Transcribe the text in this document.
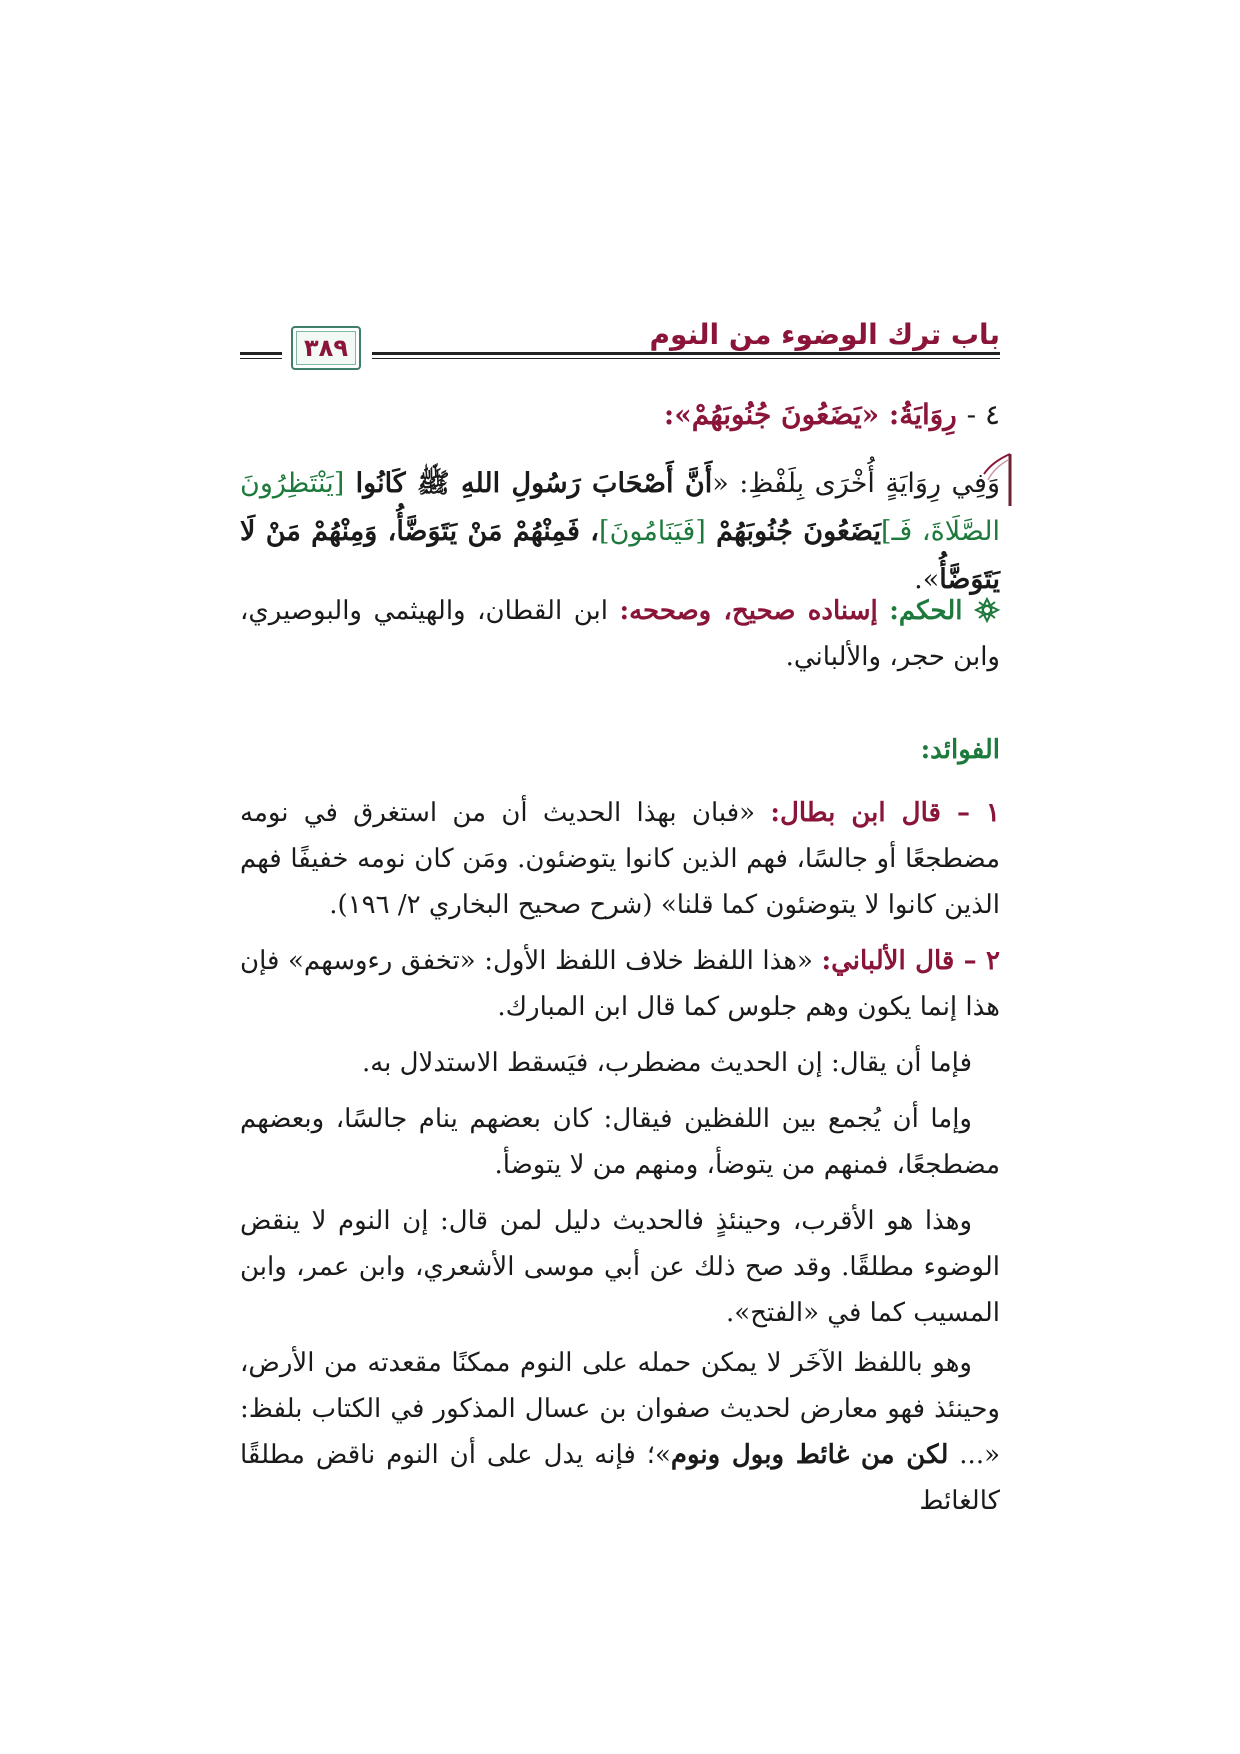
باب ترك الوضوء من النوم
٣٨٩
٤ - رِوَايَةُ: «يَضَعُونَ جُنُوبَهُمْ»:
وَفِي رِوَايَةٍ أُخْرَى بِلَفْظِ: «أَنَّ أَصْحَابَ رَسُولِ اللهِ ﷺ كَانُوا [يَنْتَظِرُونَ الصَّلَاةَ، فَـ]يَضَعُونَ جُنُوبَهُمْ [فَيَنَامُونَ]، فَمِنْهُمْ مَنْ يَتَوَضَّأُ، وَمِنْهُمْ مَنْ لَا يَتَوَضَّأُ».
الحكم: إسناده صحيح، وصححه: ابن القطان، والهيثمي والبوصيري، وابن حجر، والألباني.
الفوائد:
١ – قال ابن بطال: «فبان بهذا الحديث أن من استغرق في نومه مضطجعًا أو جالسًا، فهم الذين كانوا يتوضئون. ومَن كان نومه خفيفًا فهم الذين كانوا لا يتوضئون كما قلنا» (شرح صحيح البخاري ٢/ ١٩٦).
٢ – قال الألباني: «هذا اللفظ خلاف اللفظ الأول: «تخفق رءوسهم» فإن هذا إنما يكون وهم جلوس كما قال ابن المبارك.
فإما أن يقال: إن الحديث مضطرب، فيَسقط الاستدلال به.
وإما أن يُجمع بين اللفظين فيقال: كان بعضهم ينام جالسًا، وبعضهم مضطجعًا، فمنهم من يتوضأ، ومنهم من لا يتوضأ.
وهذا هو الأقرب، وحينئذٍ فالحديث دليل لمن قال: إن النوم لا ينقض الوضوء مطلقًا. وقد صح ذلك عن أبي موسى الأشعري، وابن عمر، وابن المسيب كما في «الفتح».
وهو باللفظ الآخَر لا يمكن حمله على النوم ممكنًا مقعدته من الأرض، وحينئذ فهو معارض لحديث صفوان بن عسال المذكور في الكتاب بلفظ: «... لكن من غائط وبول ونوم»؛ فإنه يدل على أن النوم ناقض مطلقًا كالغائط
